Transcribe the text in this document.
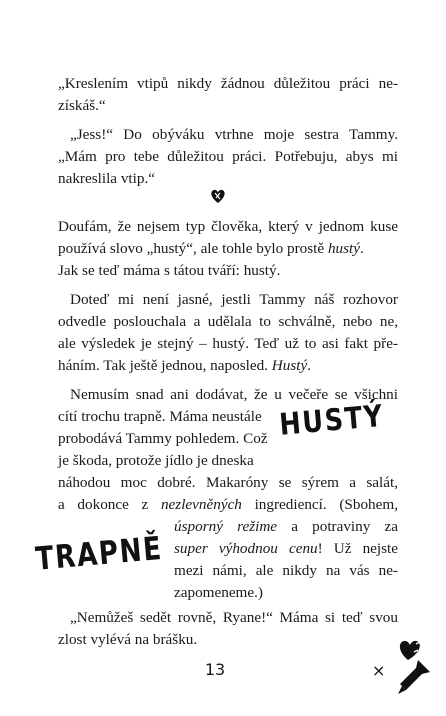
„Kreslením vtipů nikdy žádnou důležitou práci ne-
získáš.“
„Jess!“ Do obýváku vtrhne moje sestra Tammy.
„Mám pro tebe důležitou práci. Potřebuju, abys mi
nakreslila vtip.“
Doufám, že nejsem typ člověka, který v jednom kuse
používá slovo „hustý“, ale tohle bylo prostě hustý.
Jak se teď máma s tátou tváří: hustý.
Doteď mi není jasné, jestli Tammy náš rozhovor
odvedle poslouchala a udělala to schválně, nebo ne,
ale výsledek je stejný – hustý. Teď už to asi fakt pře-
háním. Tak ještě jednou, naposled. Hustý.
Nemusím snad ani dodávat, že u večeře se všichni
cítí trochu trapně. Máma neustále
probodává Tammy pohledem. Což
je škoda, protože jídlo je dneska
HUSTÝ
náhodou moc dobré. Makaróny se sýrem a salát,
a dokonce z nezlevněných ingrediencí. (Sbohem,
úsporný režime a potraviny za
super výhodnou cenu! Už nejste
mezi námi, ale nikdy na vás ne-
zapomeneme.)
TRAPNĚ
„Nemůžeš sedět rovně, Ryane!“ Máma si teď svou
zlost vylévá na brášku.
13	×
